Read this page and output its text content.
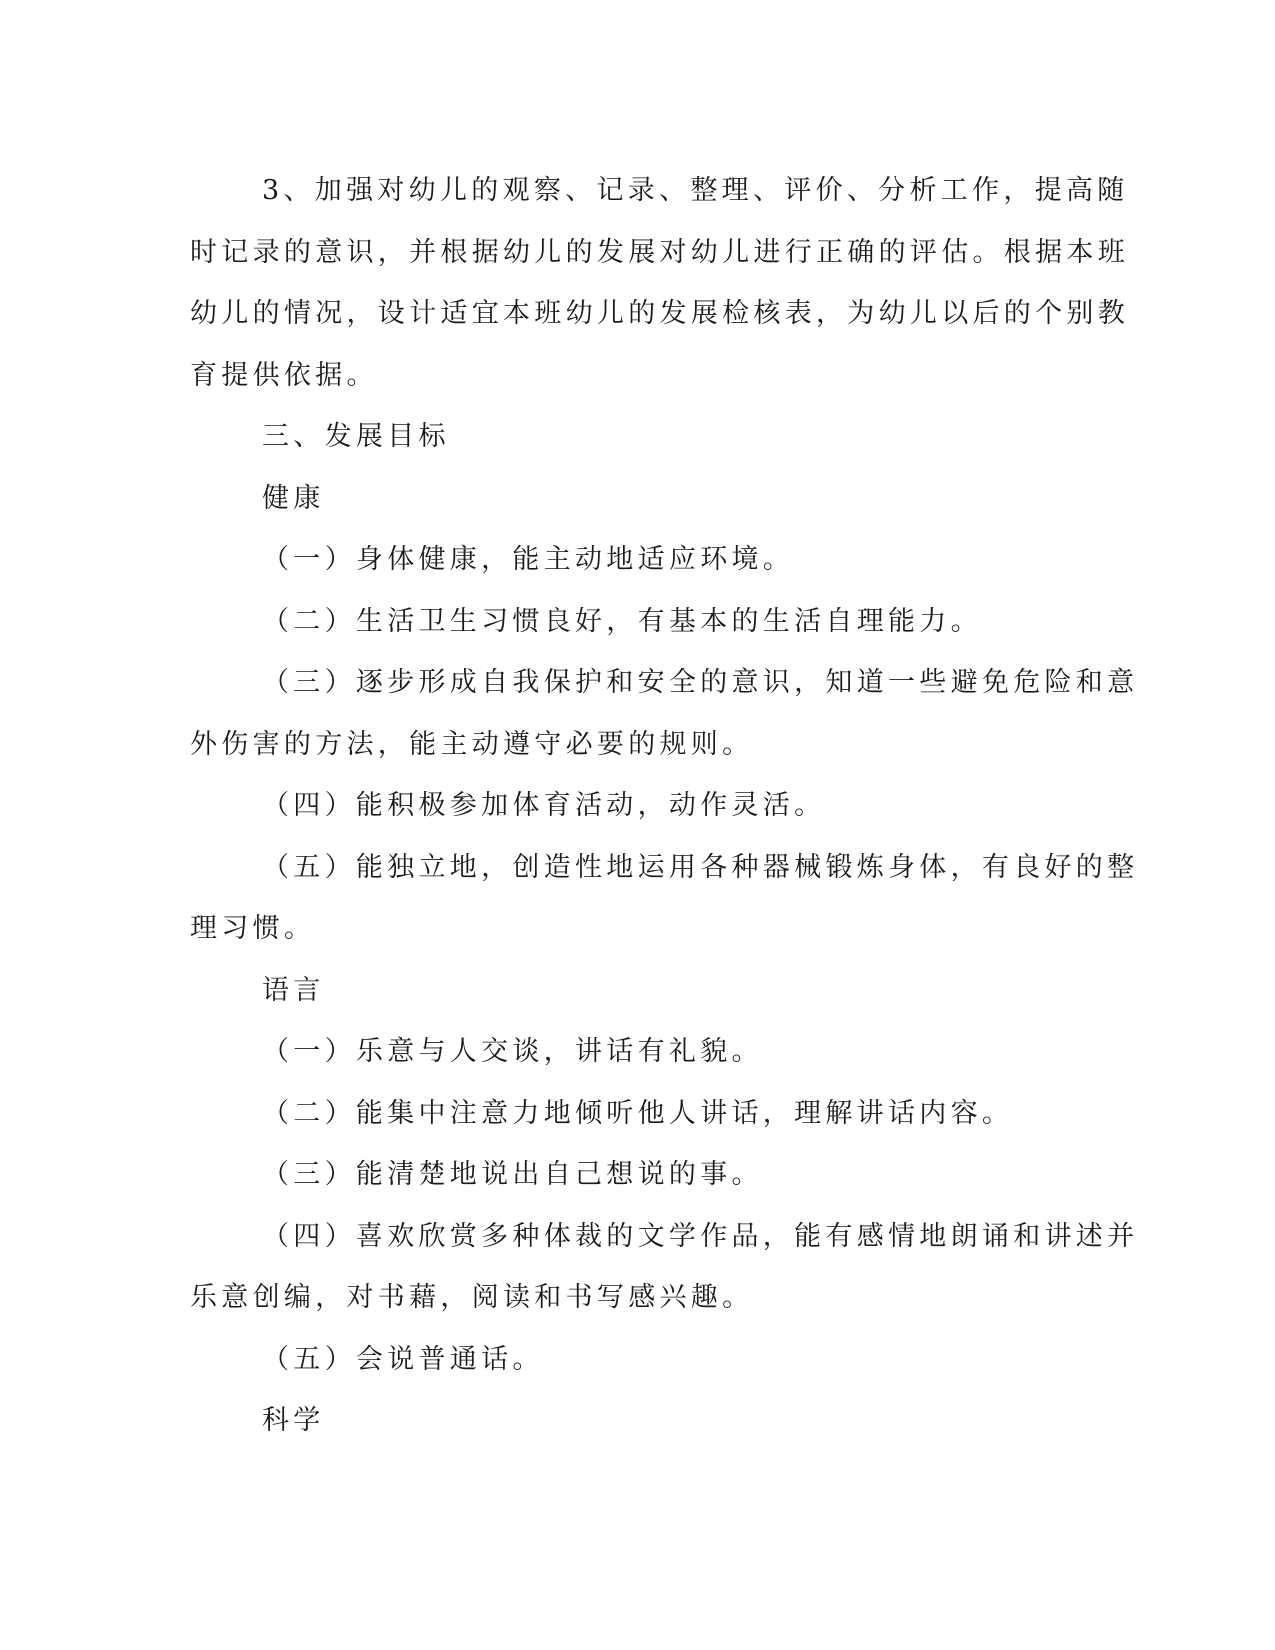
3、加强对幼儿的观察、记录、整理、评价、分析工作，提高随
时记录的意识，并根据幼儿的发展对幼儿进行正确的评估。根据本班
幼儿的情况，设计适宜本班幼儿的发展检核表，为幼儿以后的个别教
育提供依据。
三、发展目标
健康
（一）身体健康，能主动地适应环境。
（二）生活卫生习惯良好，有基本的生活自理能力。
（三）逐步形成自我保护和安全的意识，知道一些避免危险和意
外伤害的方法，能主动遵守必要的规则。
（四）能积极参加体育活动，动作灵活。
（五）能独立地，创造性地运用各种器械锻炼身体，有良好的整
理习惯。
语言
（一）乐意与人交谈，讲话有礼貌。
（二）能集中注意力地倾听他人讲话，理解讲话内容。
（三）能清楚地说出自己想说的事。
（四）喜欢欣赏多种体裁的文学作品，能有感情地朗诵和讲述并
乐意创编，对书藉，阅读和书写感兴趣。
（五）会说普通话。
科学
